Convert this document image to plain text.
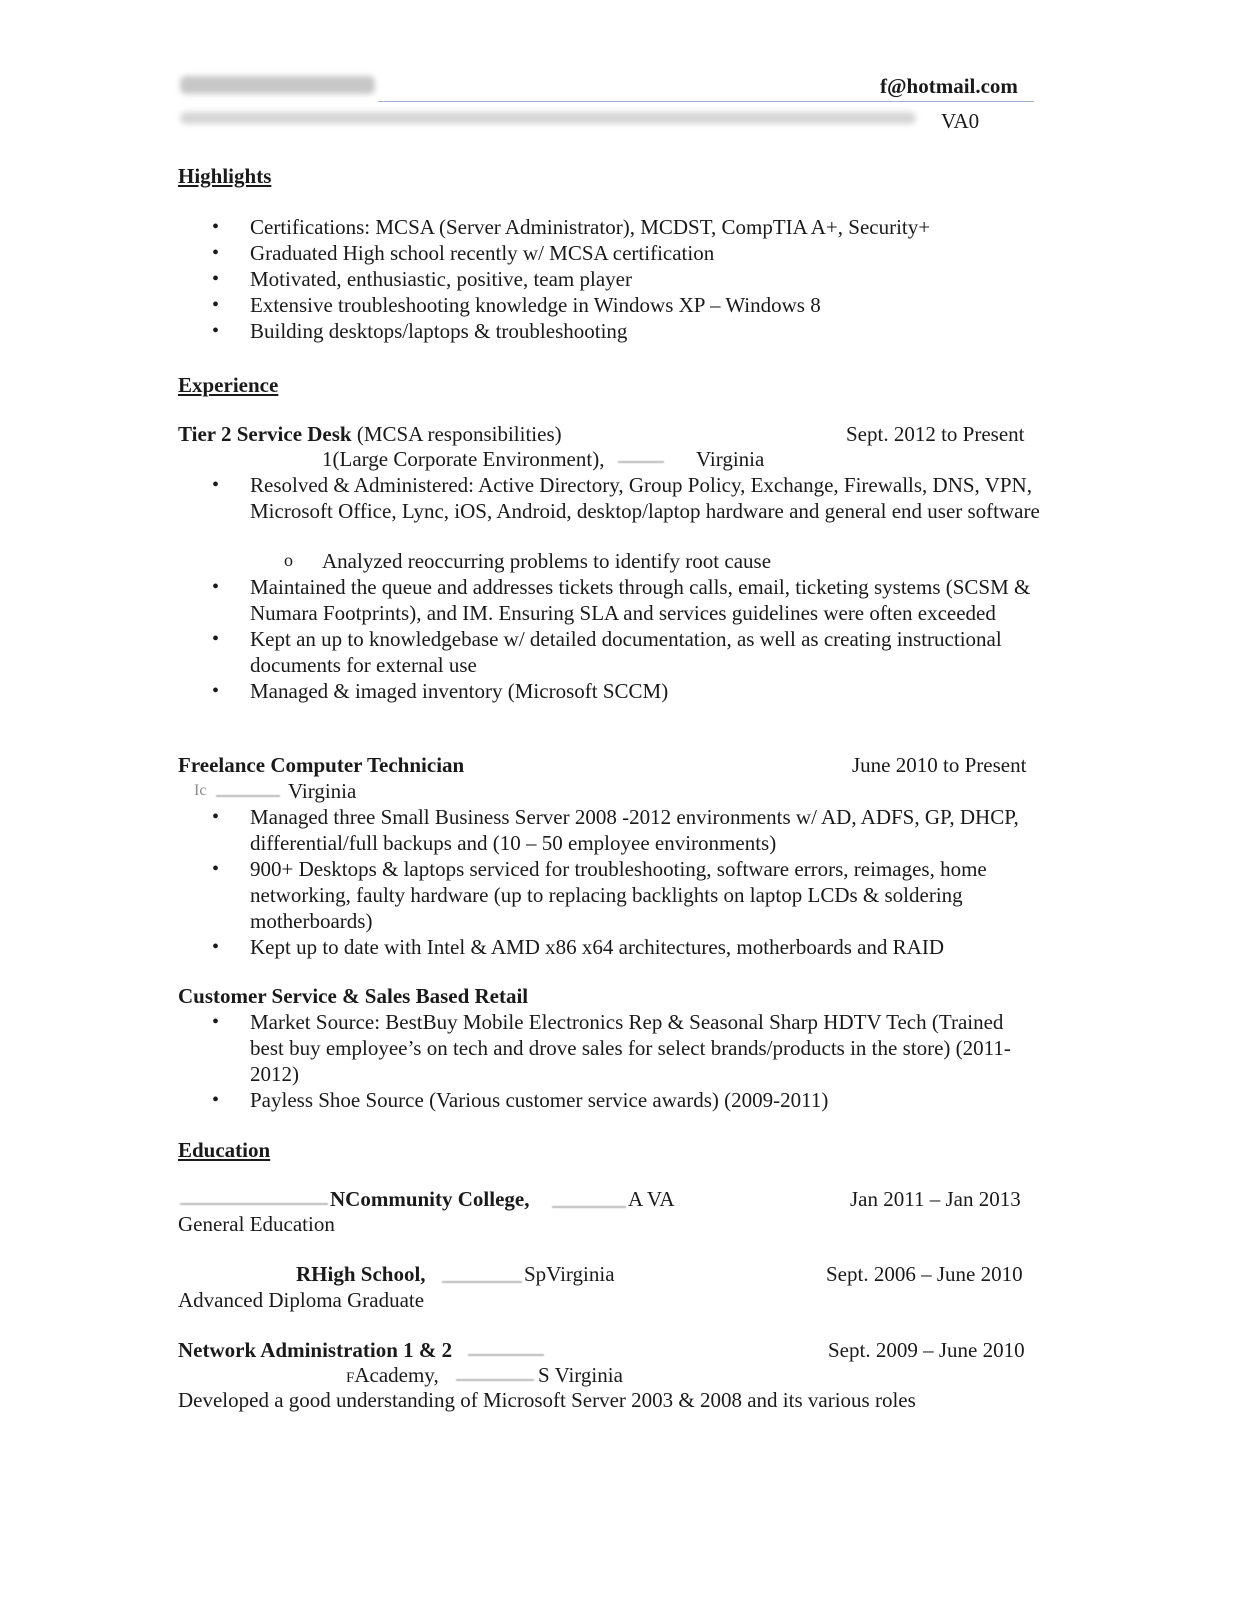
f@hotmail.com
VA0
Highlights
• Certifications: MCSA (Server Administrator), MCDST, CompTIA A+, Security+
• Graduated High school recently w/ MCSA certification
• Motivated, enthusiastic, positive, team player
• Extensive troubleshooting knowledge in Windows XP – Windows 8
• Building desktops/laptops & troubleshooting
Experience
Tier 2 Service Desk (MCSA responsibilities)	Sept. 2012 to Present
1(Large Corporate Environment),	Virginia
• Resolved & Administered: Active Directory, Group Policy, Exchange, Firewalls, DNS, VPN, Microsoft Office, Lync, iOS, Android, desktop/laptop hardware and general end user software
o Analyzed reoccurring problems to identify root cause
• Maintained the queue and addresses tickets through calls, email, ticketing systems (SCSM & Numara Footprints), and IM. Ensuring SLA and services guidelines were often exceeded
• Kept an up to knowledgebase w/ detailed documentation, as well as creating instructional documents for external use
• Managed & imaged inventory (Microsoft SCCM)
Freelance Computer Technician	June 2010 to Present
Ic	Virginia
• Managed three Small Business Server 2008 -2012 environments w/ AD, ADFS, GP, DHCP, differential/full backups and (10 – 50 employee environments)
• 900+ Desktops & laptops serviced for troubleshooting, software errors, reimages, home networking, faulty hardware (up to replacing backlights on laptop LCDs & soldering motherboards)
• Kept up to date with Intel & AMD x86 x64 architectures, motherboards and RAID
Customer Service & Sales Based Retail
• Market Source: BestBuy Mobile Electronics Rep & Seasonal Sharp HDTV Tech (Trained best buy employee’s on tech and drove sales for select brands/products in the store) (2011-2012)
• Payless Shoe Source (Various customer service awards) (2009-2011)
Education
NCommunity College,	A VA	Jan 2011 – Jan 2013
General Education
RHigh School,	SpVirginia	Sept. 2006 – June 2010
Advanced Diploma Graduate
Network Administration 1 & 2	Sept. 2009 – June 2010
FAcademy,	S Virginia
Developed a good understanding of Microsoft Server 2003 & 2008 and its various roles
